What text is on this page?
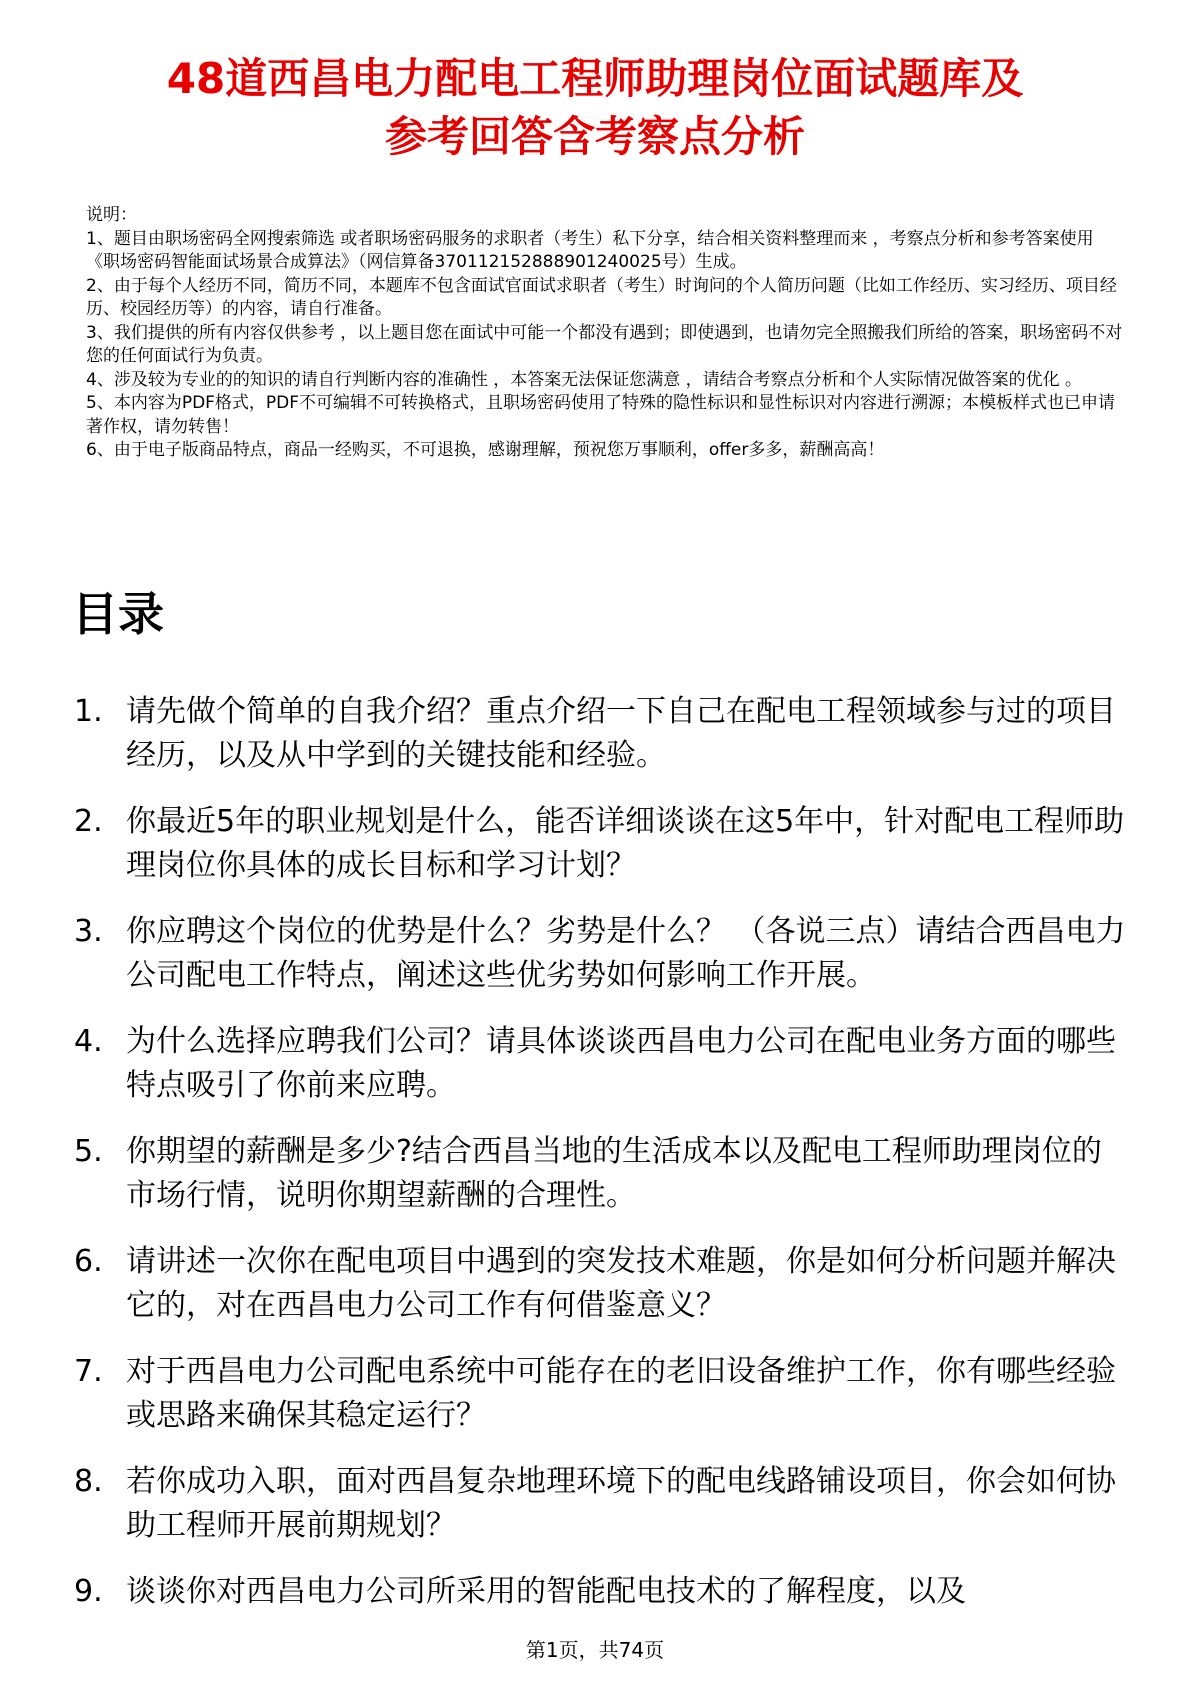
48道西昌电力配电工程师助理岗位面试题库及
参考回答含考察点分析
说明：
1、题目由职场密码全网搜索筛选 或者职场密码服务的求职者（考生）私下分享，结合相关资料整理而来 ，考察点分析和参考答案使用《职场密码智能面试场景合成算法》（网信算备370112152888901240025号）生成。
2、由于每个人经历不同，简历不同，本题库不包含面试官面试求职者（考生）时询问的个人简历问题（比如工作经历、实习经历、项目经历、校园经历等）的内容，请自行准备。
3、我们提供的所有内容仅供参考 ，以上题目您在面试中可能一个都没有遇到；即使遇到，也请勿完全照搬我们所给的答案，职场密码不对您的任何面试行为负责。
4、涉及较为专业的的知识的请自行判断内容的准确性 ，本答案无法保证您满意 ，请结合考察点分析和个人实际情况做答案的优化 。
5、本内容为PDF格式，PDF不可编辑不可转换格式，且职场密码使用了特殊的隐性标识和显性标识对内容进行溯源；本模板样式也已申请著作权，请勿转售！
6、由于电子版商品特点，商品一经购买，不可退换，感谢理解，预祝您万事顺利，offer多多，薪酬高高！
目录
1. 请先做个简单的自我介绍？重点介绍一下自己在配电工程领域参与过的项目经历，以及从中学到的关键技能和经验。
2. 你最近5年的职业规划是什么，能否详细谈谈在这5年中，针对配电工程师助理岗位你具体的成长目标和学习计划？
3. 你应聘这个岗位的优势是什么？劣势是什么？ （各说三点）请结合西昌电力公司配电工作特点，阐述这些优劣势如何影响工作开展。
4. 为什么选择应聘我们公司？请具体谈谈西昌电力公司在配电业务方面的哪些特点吸引了你前来应聘。
5. 你期望的薪酬是多少?结合西昌当地的生活成本以及配电工程师助理岗位的市场行情，说明你期望薪酬的合理性。
6. 请讲述一次你在配电项目中遇到的突发技术难题，你是如何分析问题并解决它的，对在西昌电力公司工作有何借鉴意义？
7. 对于西昌电力公司配电系统中可能存在的老旧设备维护工作，你有哪些经验或思路来确保其稳定运行？
8. 若你成功入职，面对西昌复杂地理环境下的配电线路铺设项目，你会如何协助工程师开展前期规划？
9. 谈谈你对西昌电力公司所采用的智能配电技术的了解程度，以及
第1页，共74页
